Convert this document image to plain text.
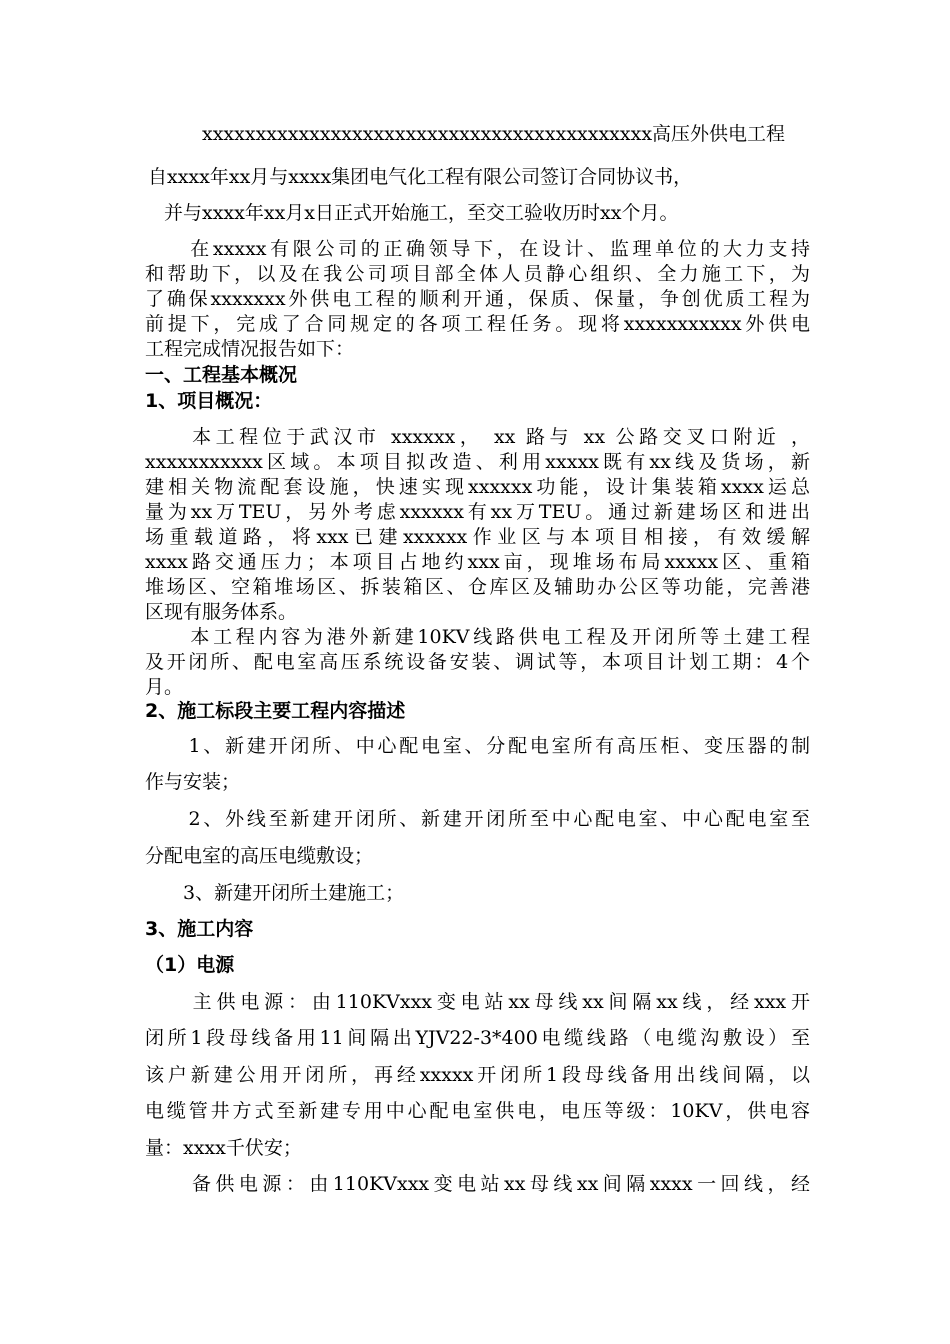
xxxxxxxxxxxxxxxxxxxxxxxxxxxxxxxxxxxxxxxxxx高压外供电工程
自xxxx年xx月与xxxx集团电气化工程有限公司签订合同协议书，
并与xxxx年xx月x日正式开始施工，至交工验收历时xx个月。
　　在xxxxx有限公司的正确领导下，在设计、监理单位的大力支持
和帮助下，以及在我公司项目部全体人员静心组织、全力施工下，为
了确保xxxxxxx外供电工程的顺利开通，保质、保量，争创优质工程为
前提下，完成了合同规定的各项工程任务。现将xxxxxxxxxxx外供电
工程完成情况报告如下：
一、工程基本概况
1、项目概况：
　　本工程位于武汉市 xxxxxx， xx 路与 xx 公路交叉口附近 ，
xxxxxxxxxxx区域。本项目拟改造、利用xxxxx既有xx线及货场，新
建相关物流配套设施，快速实现xxxxxx功能，设计集装箱xxxx运总
量为xx万TEU，另外考虑xxxxxx有xx万TEU。通过新建场区和进出
场重载道路，将xxx已建xxxxxx作业区与本项目相接，有效缓解
xxxx路交通压力；本项目占地约xxx亩，现堆场布局xxxxx区、重箱
堆场区、空箱堆场区、拆装箱区、仓库区及辅助办公区等功能，完善港
区现有服务体系。
　　本工程内容为港外新建10KV线路供电工程及开闭所等土建工程
及开闭所、配电室高压系统设备安装、调试等，本项目计划工期：4个
月。
2、施工标段主要工程内容描述
　　1、新建开闭所、中心配电室、分配电室所有高压柜、变压器的制
作与安装；
　　2、外线至新建开闭所、新建开闭所至中心配电室、中心配电室至
分配电室的高压电缆敷设；
　　3、新建开闭所土建施工；
3、施工内容
（1）电源
　　主供电源：由110KVxxx变电站xx母线xx间隔xx线，经xxx开
闭所1段母线备用11间隔出YJV22-3*400电缆线路（电缆沟敷设）至
该户新建公用开闭所，再经xxxxx开闭所1段母线备用出线间隔，以
电缆管井方式至新建专用中心配电室供电，电压等级：10KV，供电容
量：xxxx千伏安；
　　备供电源：由110KVxxx变电站xx母线xx间隔xxxx一回线，经
